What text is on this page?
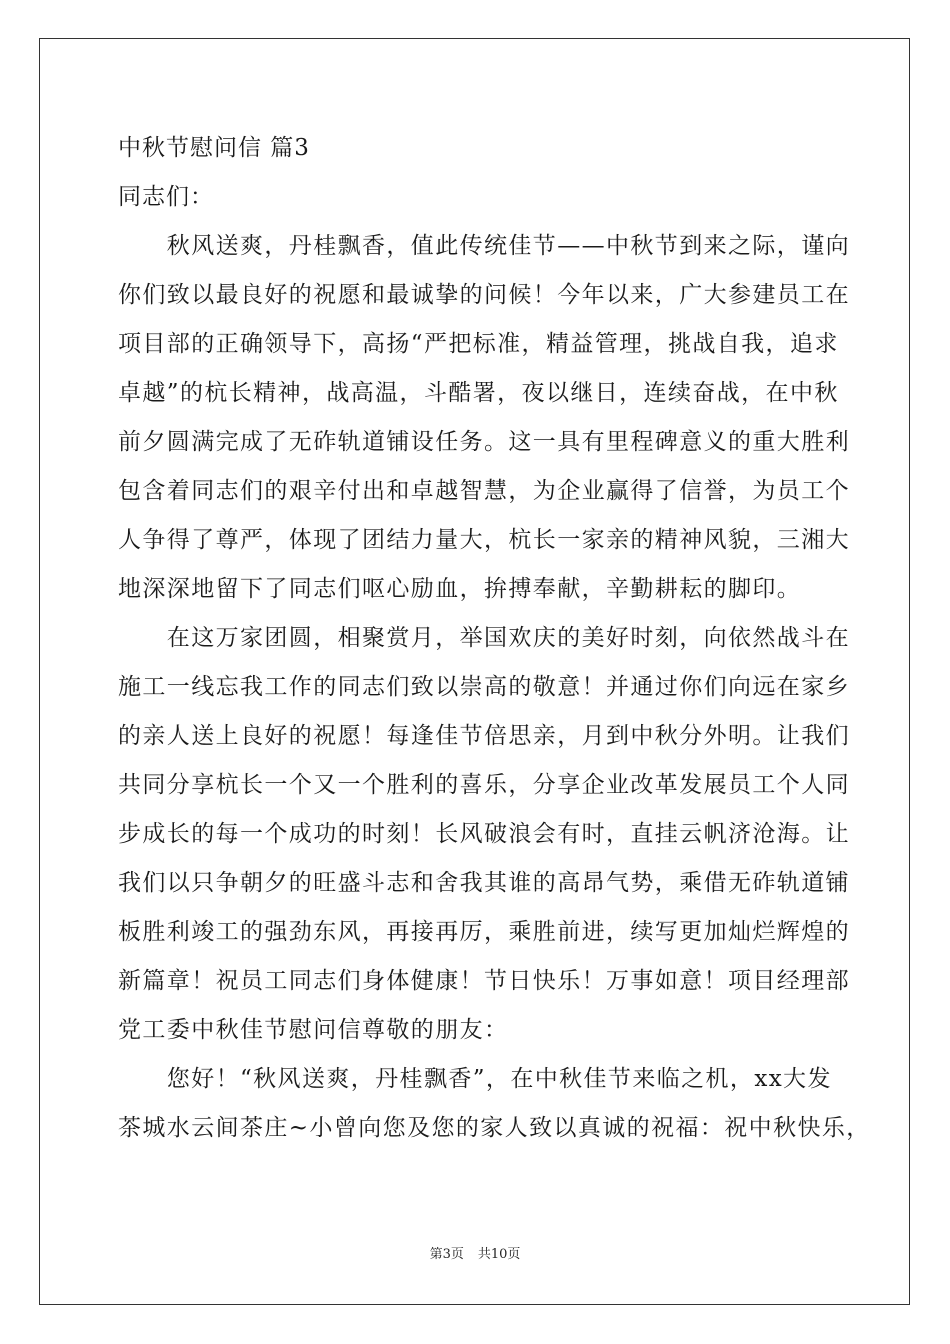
中秋节慰问信 篇3
同志们：
　　秋风送爽，丹桂飘香，值此传统佳节——中秋节到来之际，谨向
你们致以最良好的祝愿和最诚挚的问候！今年以来，广大参建员工在
项目部的正确领导下，高扬“严把标准，精益管理，挑战自我，追求
卓越”的杭长精神，战高温，斗酷署，夜以继日，连续奋战，在中秋
前夕圆满完成了无砟轨道铺设任务。这一具有里程碑意义的重大胜利
包含着同志们的艰辛付出和卓越智慧，为企业赢得了信誉，为员工个
人争得了尊严，体现了团结力量大，杭长一家亲的精神风貌，三湘大
地深深地留下了同志们呕心励血，拚搏奉献，辛勤耕耘的脚印。
　　在这万家团圆，相聚赏月，举国欢庆的美好时刻，向依然战斗在
施工一线忘我工作的同志们致以崇高的敬意！并通过你们向远在家乡
的亲人送上良好的祝愿！每逢佳节倍思亲，月到中秋分外明。让我们
共同分享杭长一个又一个胜利的喜乐，分享企业改革发展员工个人同
步成长的每一个成功的时刻！长风破浪会有时，直挂云帆济沧海。让
我们以只争朝夕的旺盛斗志和舍我其谁的高昂气势，乘借无砟轨道铺
板胜利竣工的强劲东风，再接再厉，乘胜前进，续写更加灿烂辉煌的
新篇章！祝员工同志们身体健康！节日快乐！万事如意！项目经理部
党工委中秋佳节慰问信尊敬的朋友：
　　您好！“秋风送爽，丹桂飘香”，在中秋佳节来临之机，xx大发
茶城水云间茶庄~小曾向您及您的家人致以真诚的祝福：祝中秋快乐，
第3页 共10页
